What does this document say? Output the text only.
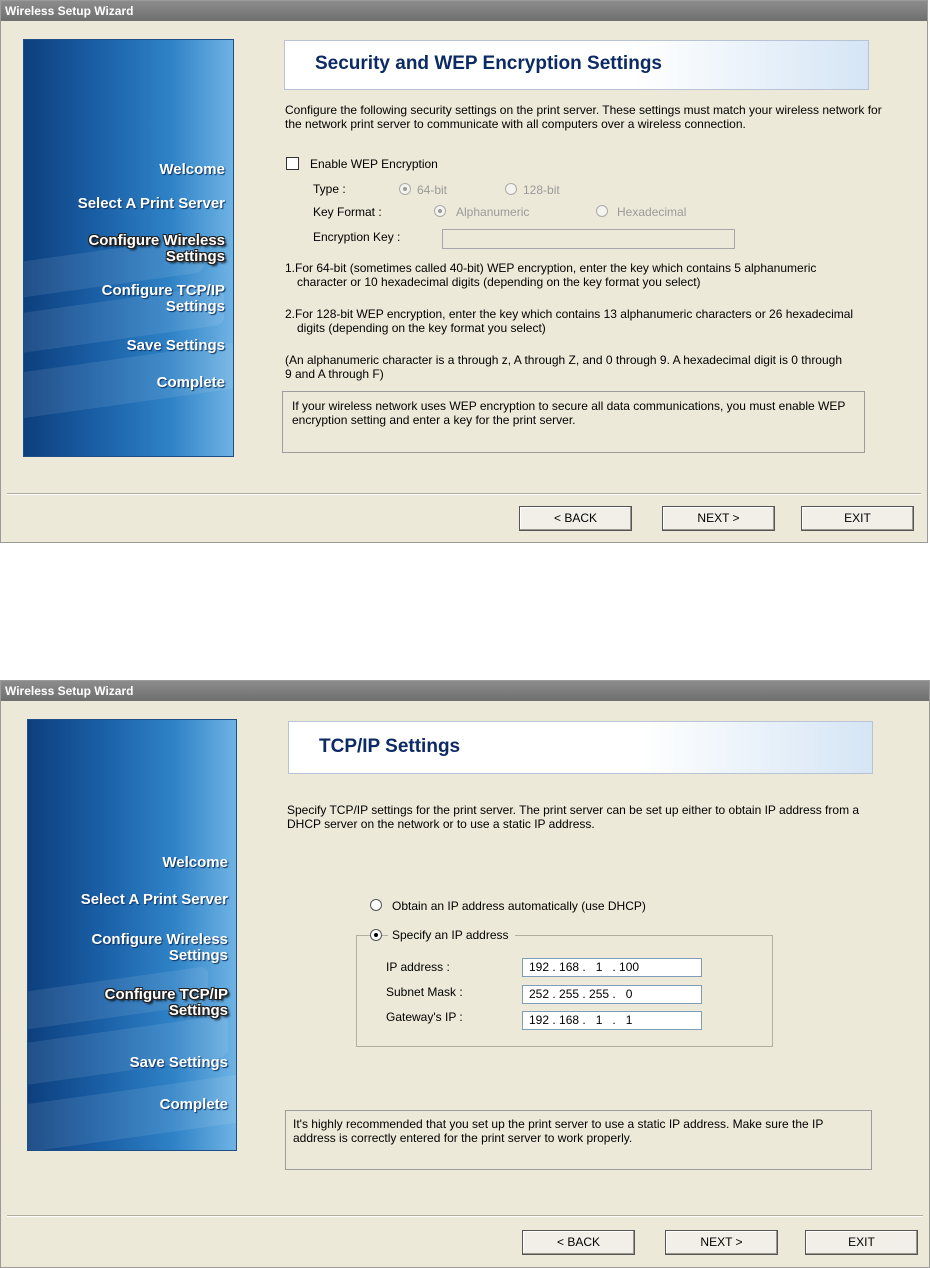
Wireless Setup Wizard
Welcome
Select A Print Server
Configure Wireless Settings
Configure TCP/IP Settings
Save Settings
Complete
Security and WEP Encryption Settings
Configure the following security settings on the print server. These settings must match your wireless network for the network print server to communicate with all computers over a wireless connection.
Enable WEP Encryption
Type :	64-bit	128-bit
Key Format :	Alphanumeric	Hexadecimal
Encryption Key :
1.For 64-bit (sometimes called 40-bit) WEP encryption, enter the key which contains 5 alphanumeric character or 10 hexadecimal digits (depending on the key format you select)
2.For 128-bit WEP encryption, enter the key which contains 13 alphanumeric characters or 26 hexadecimal digits (depending on the key format you select)
(An alphanumeric character is a through z, A through Z, and 0 through 9. A hexadecimal digit is 0 through 9 and A through F)
If your wireless network uses WEP encryption to secure all data communications, you must enable WEP encryption setting and enter a key for the print server.
< BACK	NEXT >	EXIT
Wireless Setup Wizard
Welcome
Select A Print Server
Configure Wireless Settings
Configure TCP/IP Settings
Save Settings
Complete
TCP/IP Settings
Specify TCP/IP settings for the print server. The print server can be set up either to obtain IP address from a DHCP server on the network or to use a static IP address.
Obtain an IP address automatically (use DHCP)
Specify an IP address
IP address :	192 . 168 .   1   . 100
Subnet Mask :	252 . 255 . 255 .   0
Gateway's IP :	192 . 168 .   1   .   1
It's highly recommended that you set up the print server to use a static IP address. Make sure the IP address is correctly entered for the print server to work properly.
< BACK	NEXT >	EXIT
